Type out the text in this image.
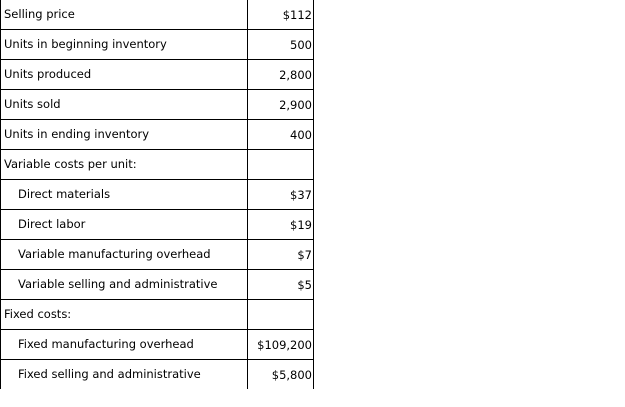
Selling price	$112
Units in beginning inventory	500
Units produced	2,800
Units sold	2,900
Units in ending inventory	400
Variable costs per unit:	
Direct materials	$37
Direct labor	$19
Variable manufacturing overhead	$7
Variable selling and administrative	$5
Fixed costs:	
Fixed manufacturing overhead	$109,200
Fixed selling and administrative	$5,800
